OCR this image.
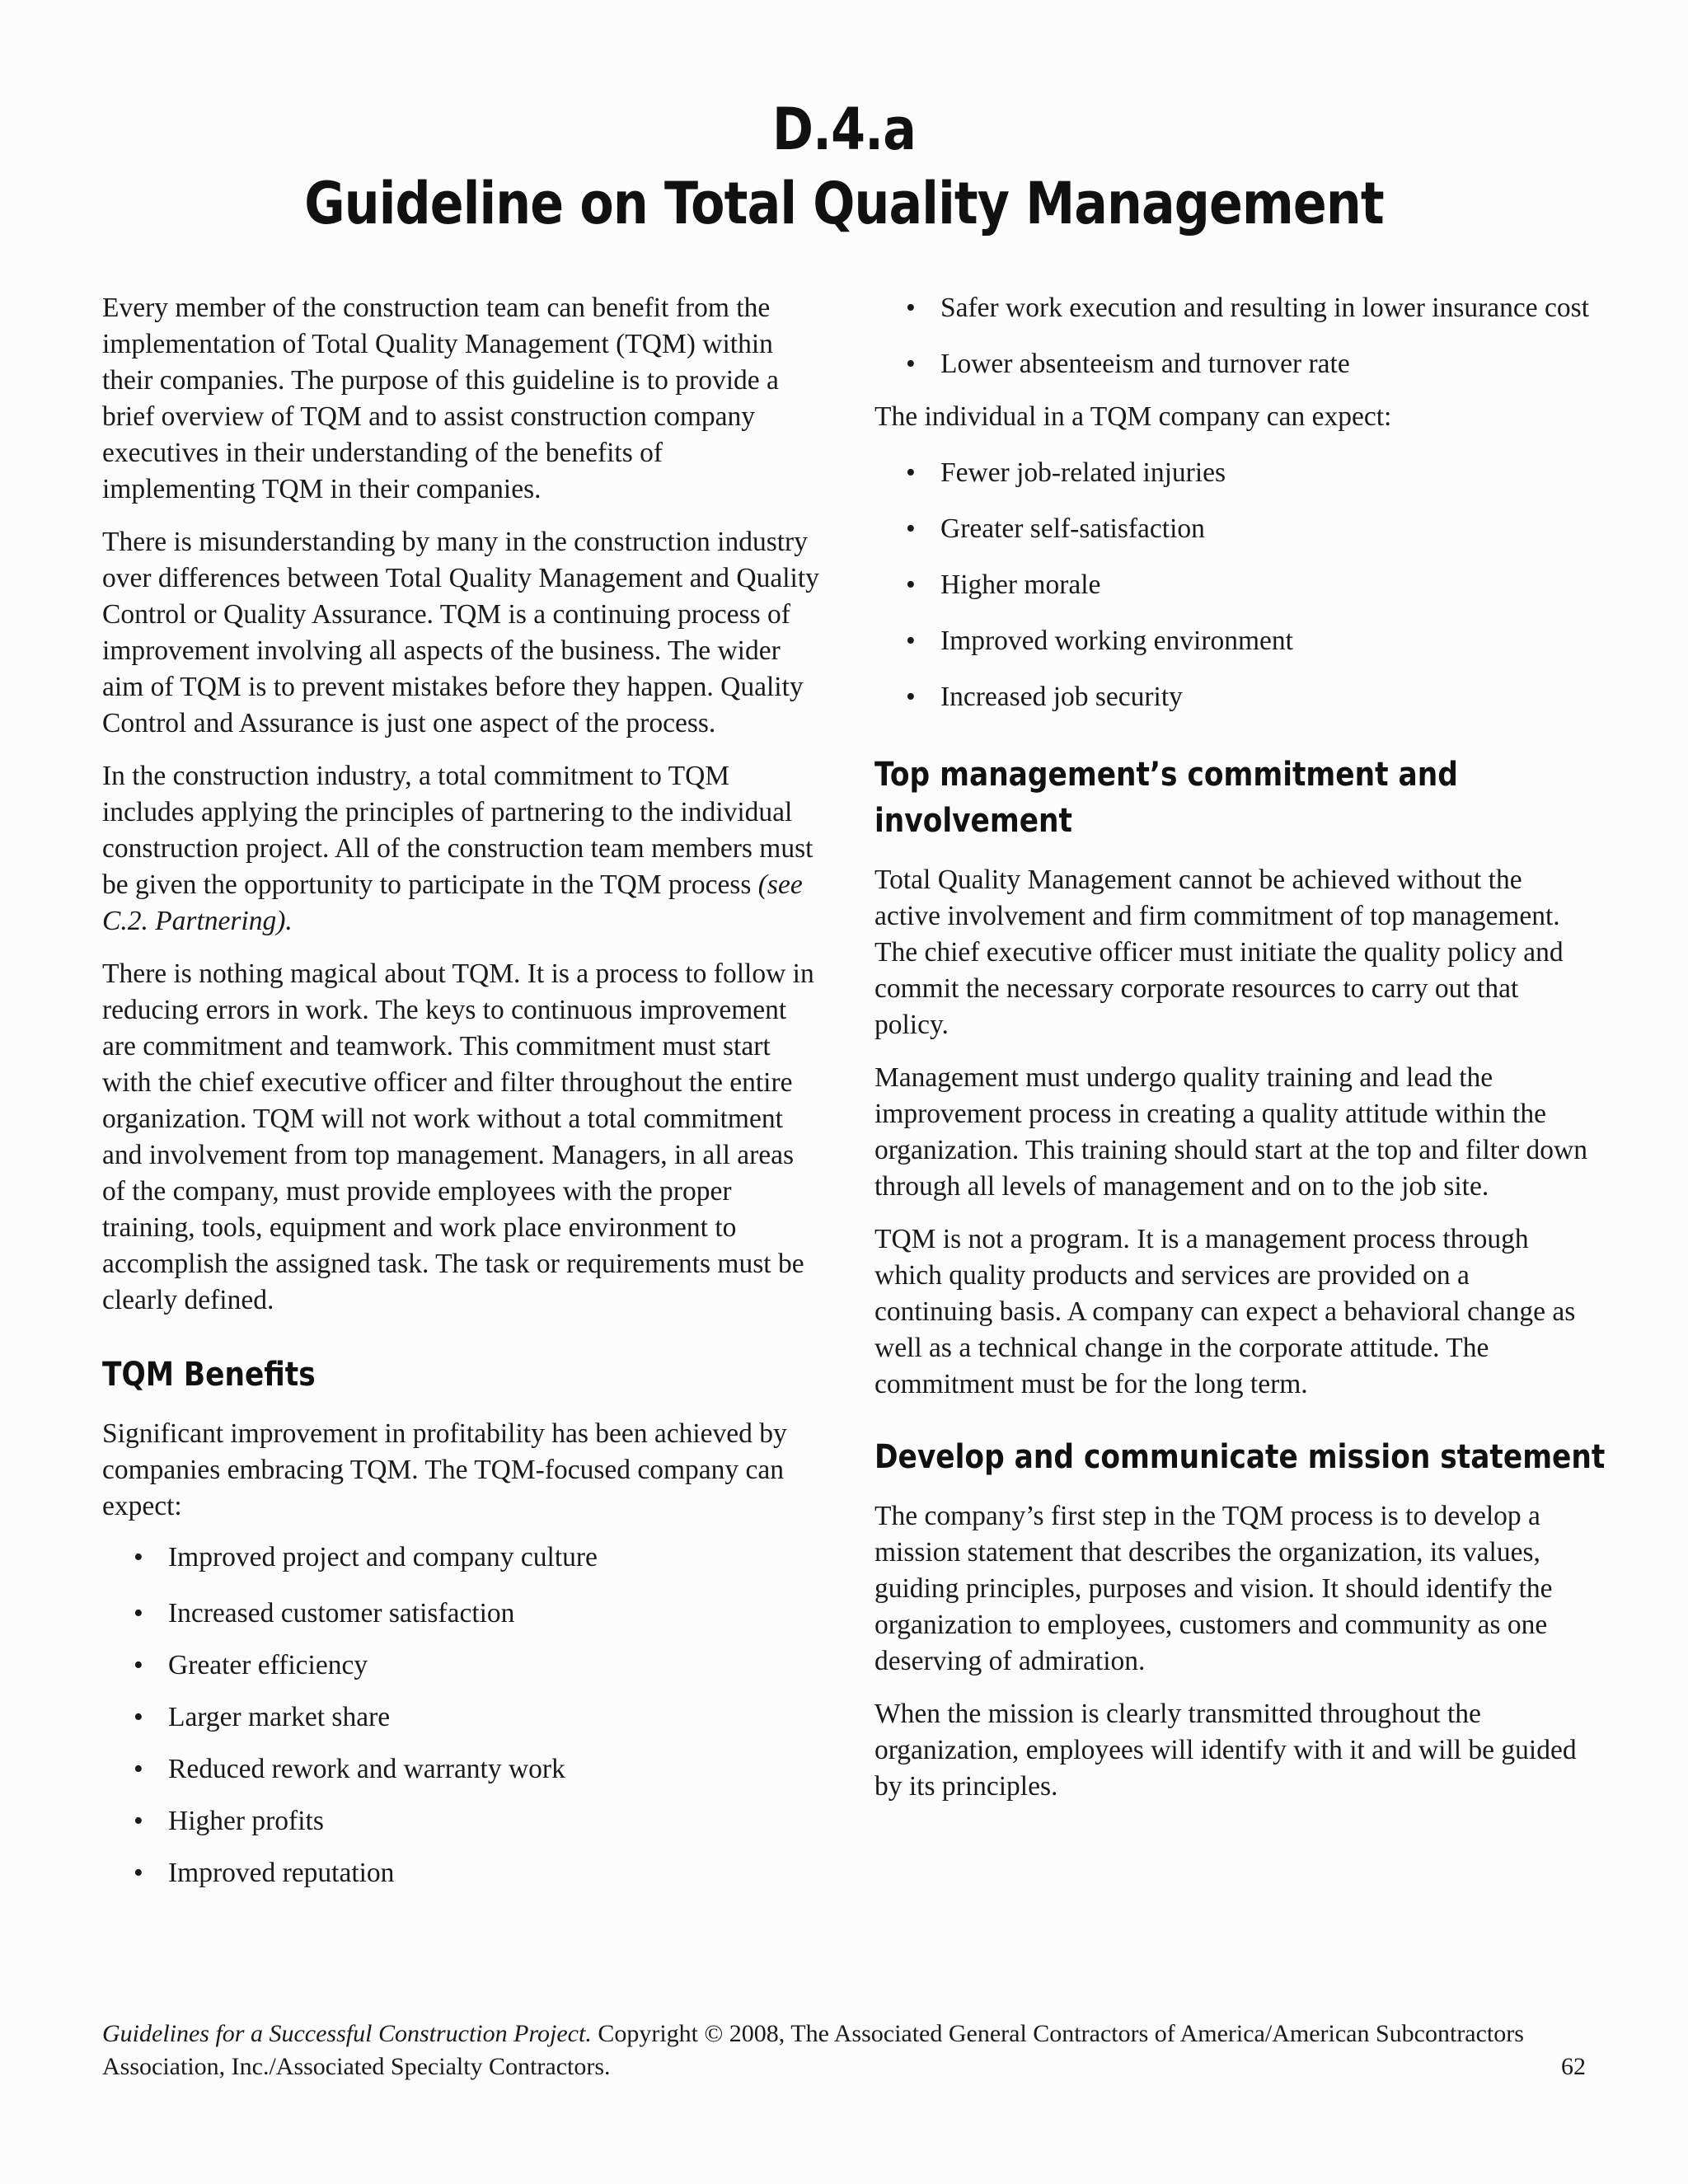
D.4.a
Guideline on Total Quality Management

Every member of the construction team can benefit from the implementation of Total Quality Management (TQM) within their companies. The purpose of this guideline is to provide a brief overview of TQM and to assist construction company executives in their understanding of the benefits of implementing TQM in their companies.

There is misunderstanding by many in the construction industry over differences between Total Quality Management and Quality Control or Quality Assurance. TQM is a continuing process of improvement involving all aspects of the business. The wider aim of TQM is to prevent mistakes before they happen. Quality Control and Assurance is just one aspect of the process.

In the construction industry, a total commitment to TQM includes applying the principles of partnering to the individual construction project. All of the construction team members must be given the opportunity to participate in the TQM process (see C.2. Partnering).

There is nothing magical about TQM. It is a process to follow in reducing errors in work. The keys to continuous improvement are commitment and teamwork. This commitment must start with the chief executive officer and filter throughout the entire organization. TQM will not work without a total commitment and involvement from top management. Managers, in all areas of the company, must provide employees with the proper training, tools, equipment and work place environment to accomplish the assigned task. The task or requirements must be clearly defined.

TQM Benefits

Significant improvement in profitability has been achieved by companies embracing TQM. The TQM-focused company can expect:

• Improved project and company culture
• Increased customer satisfaction
• Greater efficiency
• Larger market share
• Reduced rework and warranty work
• Higher profits
• Improved reputation
• Safer work execution and resulting in lower insurance cost
• Lower absenteeism and turnover rate

The individual in a TQM company can expect:

• Fewer job-related injuries
• Greater self-satisfaction
• Higher morale
• Improved working environment
• Increased job security
Top management’s commitment and
involvement

Total Quality Management cannot be achieved without the active involvement and firm commitment of top management. The chief executive officer must initiate the quality policy and commit the necessary corporate resources to carry out that policy.

Management must undergo quality training and lead the improvement process in creating a quality attitude within the organization. This training should start at the top and filter down through all levels of management and on to the job site.

TQM is not a program. It is a management process through which quality products and services are provided on a continuing basis. A company can expect a behavioral change as well as a technical change in the corporate attitude. The commitment must be for the long term.

Develop and communicate mission statement

The company’s first step in the TQM process is to develop a mission statement that describes the organization, its values, guiding principles, purposes and vision. It should identify the organization to employees, customers and community as one deserving of admiration.

When the mission is clearly transmitted throughout the organization, employees will identify with it and will be guided by its principles.

Guidelines for a Successful Construction Project. Copyright © 2008, The Associated General Contractors of America/American Subcontractors Association, Inc./Associated Specialty Contractors.	62
